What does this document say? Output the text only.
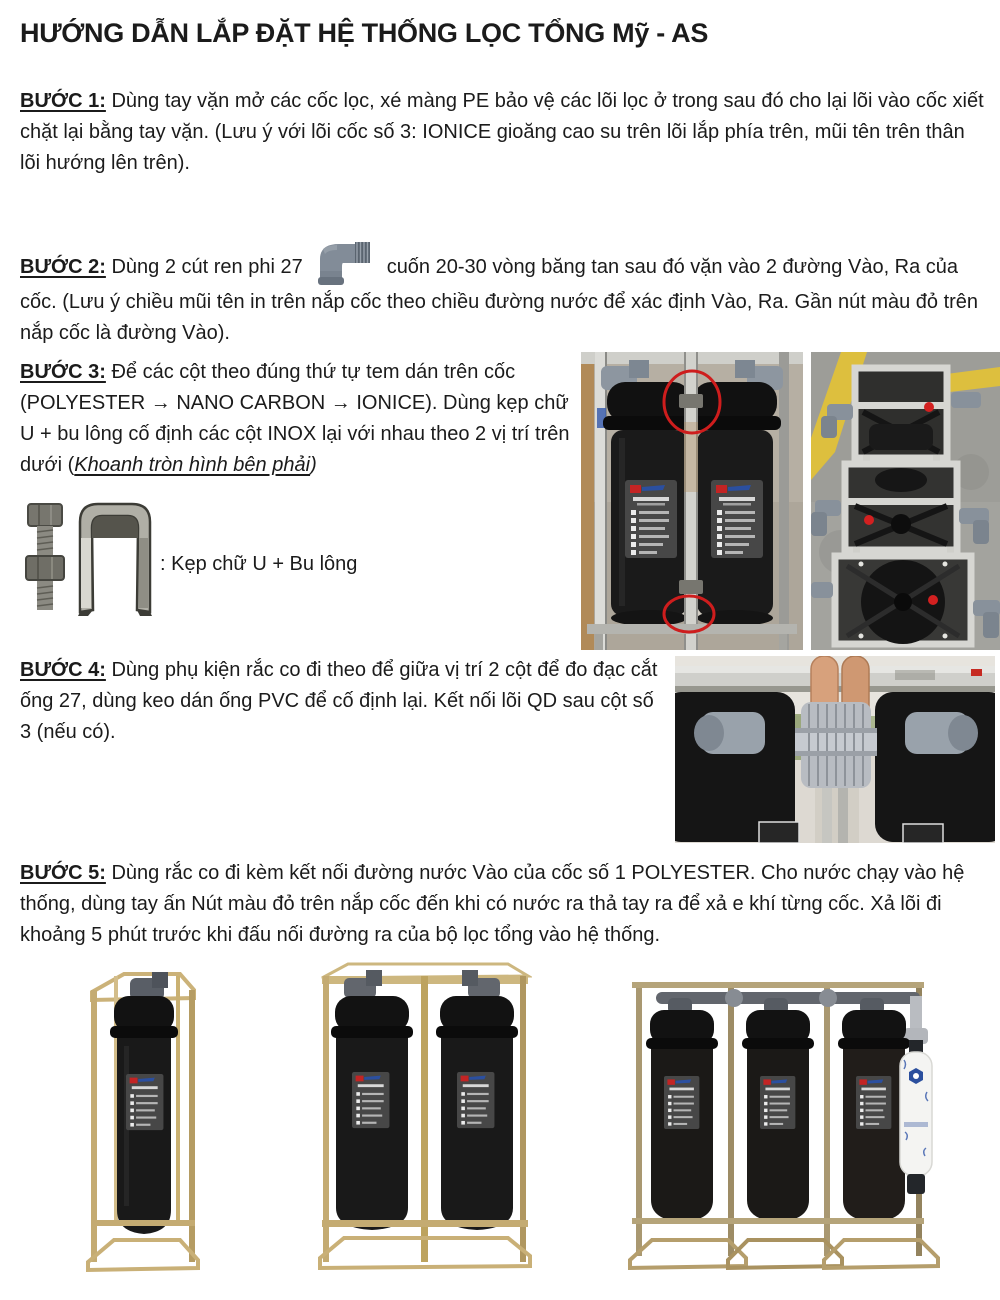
HƯỚNG DẪN LẮP ĐẶT HỆ THỐNG LỌC TỔNG Mỹ - AS

BƯỚC 1: Dùng tay vặn mở các cốc lọc, xé màng PE bảo vệ các lõi lọc ở trong sau đó cho lại lõi vào cốc xiết chặt lại bằng tay vặn. (Lưu ý với lõi cốc số 3: IONICE gioăng cao su trên lõi lắp phía trên, mũi tên trên thân lõi hướng lên trên).

BƯỚC 2: Dùng 2 cút ren phi 27	cuốn 20-30 vòng băng tan sau đó vặn vào 2 đường Vào, Ra của cốc. (Lưu ý chiều mũi tên in trên nắp cốc theo chiều đường nước để xác định Vào, Ra. Gần nút màu đỏ trên nắp cốc là đường Vào).

BƯỚC 3: Để các cột theo đúng thứ tự tem dán trên cốc (POLYESTER → NANO CARBON → IONICE). Dùng kẹp chữ U + bu lông cố định các cột INOX lại với nhau theo 2 vị trí trên dưới (Khoanh tròn hình bên phải)

: Kẹp chữ U + Bu lông

BƯỚC 4: Dùng phụ kiện rắc co đi theo để giữa vị trí 2 cột để đo đạc cắt ống 27, dùng keo dán ống PVC để cố định lại. Kết nối lõi QD sau cột số 3 (nếu có).

BƯỚC 5: Dùng rắc co đi kèm kết nối đường nước Vào của cốc số 1 POLYESTER. Cho nước chạy vào hệ thống, dùng tay ấn Nút màu đỏ trên nắp cốc đến khi có nước ra thả tay ra để xả e khí từng cốc. Xả lõi đi khoảng 5 phút trước khi đấu nối đường ra của bộ lọc tổng vào hệ thống.
